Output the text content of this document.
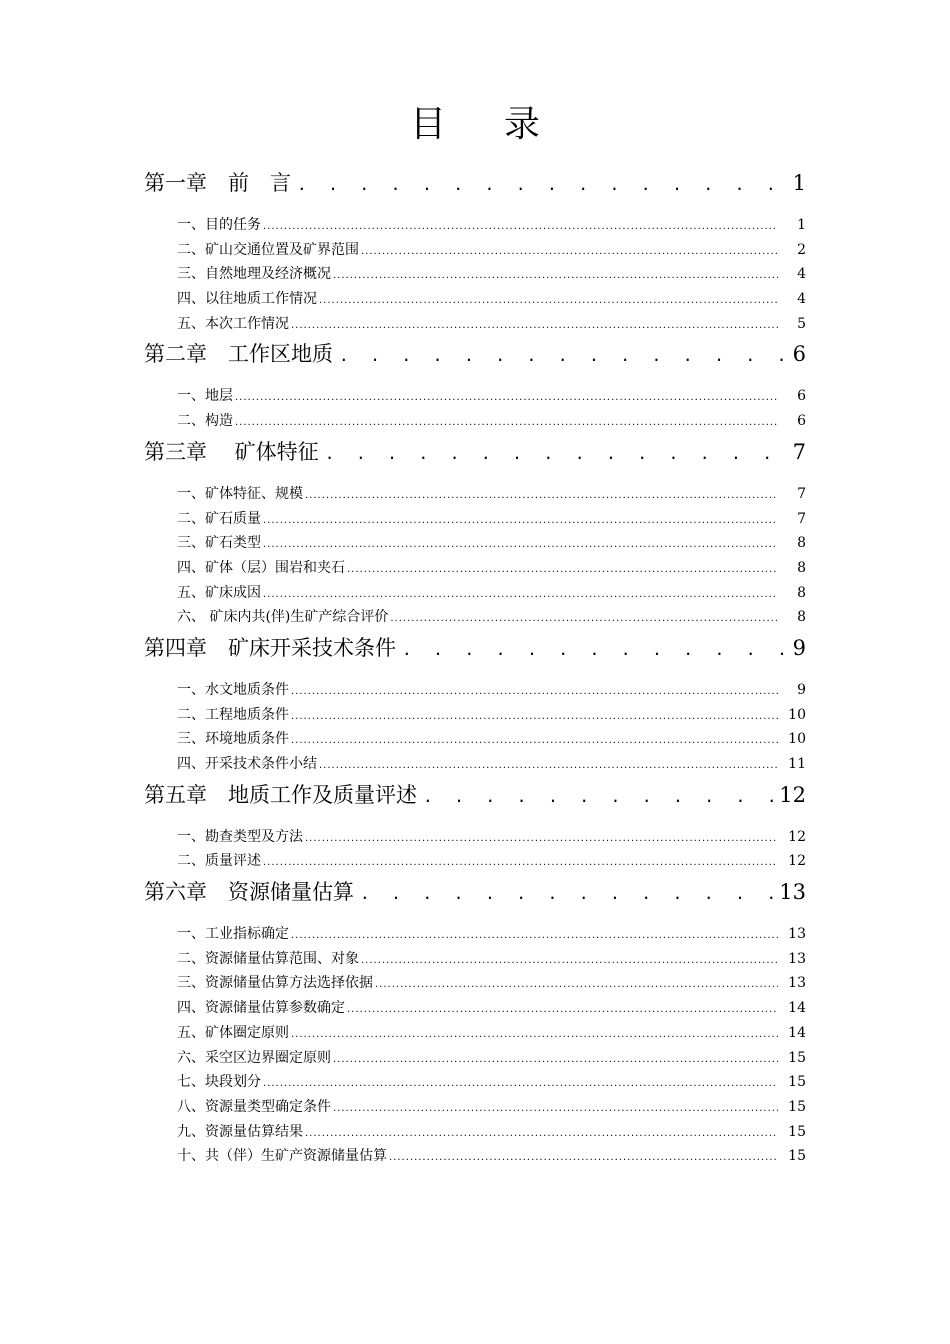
目录
第一章　前　言 . . .	1
一、目的任务 .....	1
二、矿山交通位置及矿界范围 .....	2
三、自然地理及经济概况 .....	4
四、以往地质工作情况 .....	4
五、本次工作情况 .....	5
第二章　工作区地质 . . .	6
一、地层 .....	6
二、构造 .....	6
第三章　 矿体特征 . . .	7
一、矿体特征、规模 .....	7
二、矿石质量 .....	7
三、矿石类型 .....	8
四、矿体（层）围岩和夹石 .....	8
五、矿床成因 .....	8
六、 矿床内共(伴)生矿产综合评价 .....	8
第四章　矿床开采技术条件 . . .	9
一、水文地质条件 .....	9
二、工程地质条件 .....	10
三、环境地质条件 .....	10
四、开采技术条件小结 .....	11
第五章　地质工作及质量评述 . . .	12
一、勘查类型及方法 .....	12
二、质量评述 .....	12
第六章　资源储量估算 . . .	13
一、工业指标确定 .....	13
二、资源储量估算范围、对象 .....	13
三、资源储量估算方法选择依据 .....	13
四、资源储量估算参数确定 .....	14
五、矿体圈定原则 .....	14
六、采空区边界圈定原则 .....	15
七、块段划分 .....	15
八、资源量类型确定条件 .....	15
九、资源量估算结果 .....	15
十、共（伴）生矿产资源储量估算 .....	15
